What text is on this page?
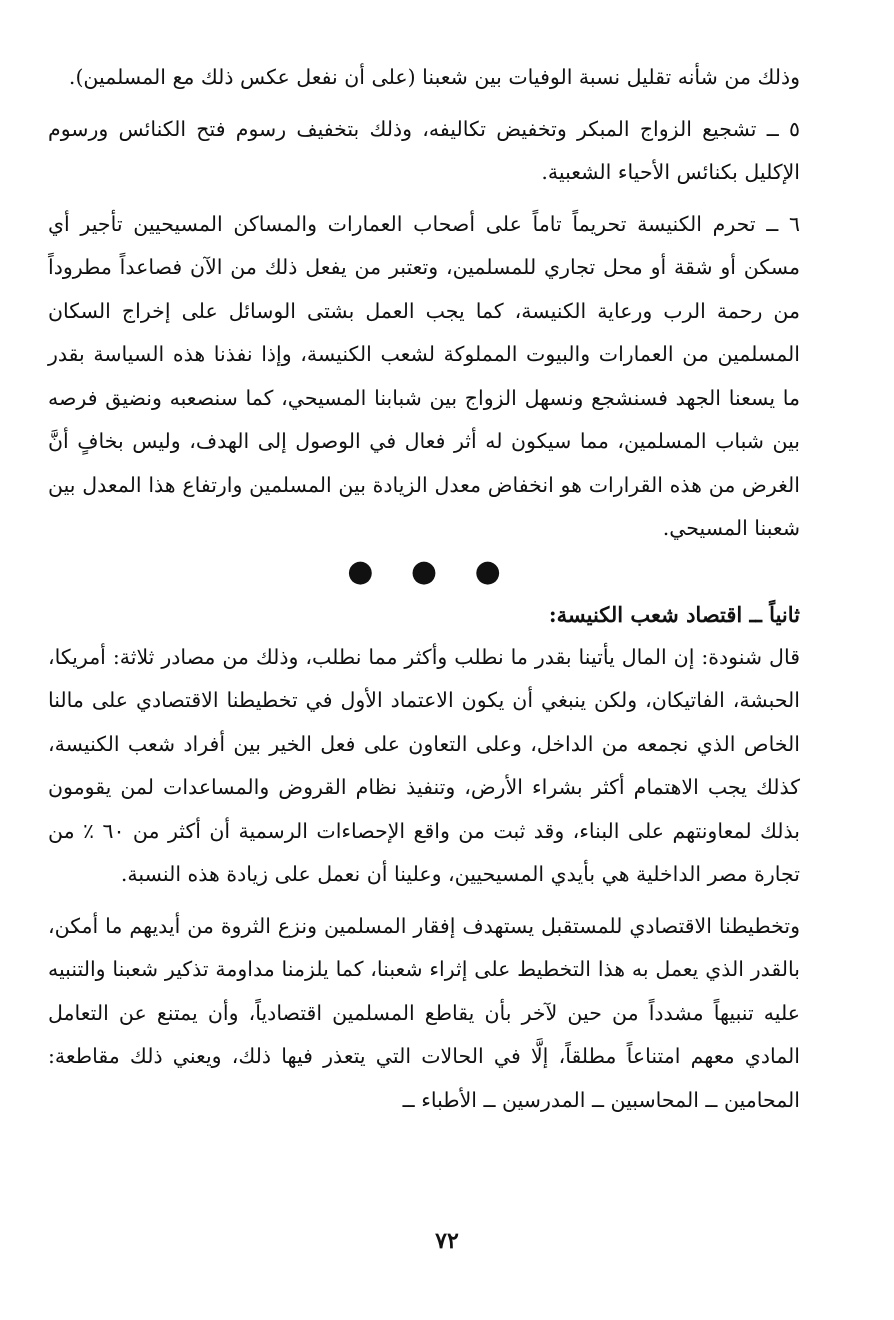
وذلك من شأنه تقليل نسبة الوفيات بين شعبنا (على أن نفعل عكس ذلك مع المسلمين).

٥ ــ تشجيع الزواج المبكر وتخفيض تكاليفه، وذلك بتخفيف رسوم فتح الكنائس ورسوم الإكليل بكنائس الأحياء الشعبية.

٦ ــ تحرم الكنيسة تحريماً تاماً على أصحاب العمارات والمساكن المسيحيين تأجير أي مسكن أو شقة أو محل تجاري للمسلمين، وتعتبر من يفعل ذلك من الآن فصاعداً مطروداً من رحمة الرب ورعاية الكنيسة، كما يجب العمل بشتى الوسائل على إخراج السكان المسلمين من العمارات والبيوت المملوكة لشعب الكنيسة، وإذا نفذنا هذه السياسة بقدر ما يسعنا الجهد فسنشجع ونسهل الزواج بين شبابنا المسيحي، كما سنصعبه ونضيق فرصه بين شباب المسلمين، مما سيكون له أثر فعال في الوصول إلى الهدف، وليس بخافٍ أنَّ الغرض من هذه القرارات هو انخفاض معدل الزيادة بين المسلمين وارتفاع هذا المعدل بين شعبنا المسيحي.

● ● ●

ثانياً ــ اقتصاد شعب الكنيسة:

قال شنودة: إن المال يأتينا بقدر ما نطلب وأكثر مما نطلب، وذلك من مصادر ثلاثة: أمريكا، الحبشة، الفاتيكان، ولكن ينبغي أن يكون الاعتماد الأول في تخطيطنا الاقتصادي على مالنا الخاص الذي نجمعه من الداخل، وعلى التعاون على فعل الخير بين أفراد شعب الكنيسة، كذلك يجب الاهتمام أكثر بشراء الأرض، وتنفيذ نظام القروض والمساعدات لمن يقومون بذلك لمعاونتهم على البناء، وقد ثبت من واقع الإحصاءات الرسمية أن أكثر من ٦٠ ٪ من تجارة مصر الداخلية هي بأيدي المسيحيين، وعلينا أن نعمل على زيادة هذه النسبة.

وتخطيطنا الاقتصادي للمستقبل يستهدف إفقار المسلمين ونزع الثروة من أيديهم ما أمكن، بالقدر الذي يعمل به هذا التخطيط على إثراء شعبنا، كما يلزمنا مداومة تذكير شعبنا والتنبيه عليه تنبيهاً مشدداً من حين لآخر بأن يقاطع المسلمين اقتصادياً، وأن يمتنع عن التعامل المادي معهم امتناعاً مطلقاً، إلَّا في الحالات التي يتعذر فيها ذلك، ويعني ذلك مقاطعة: المحامين ــ المحاسبين ــ المدرسين ــ الأطباء ــ

٧٢
